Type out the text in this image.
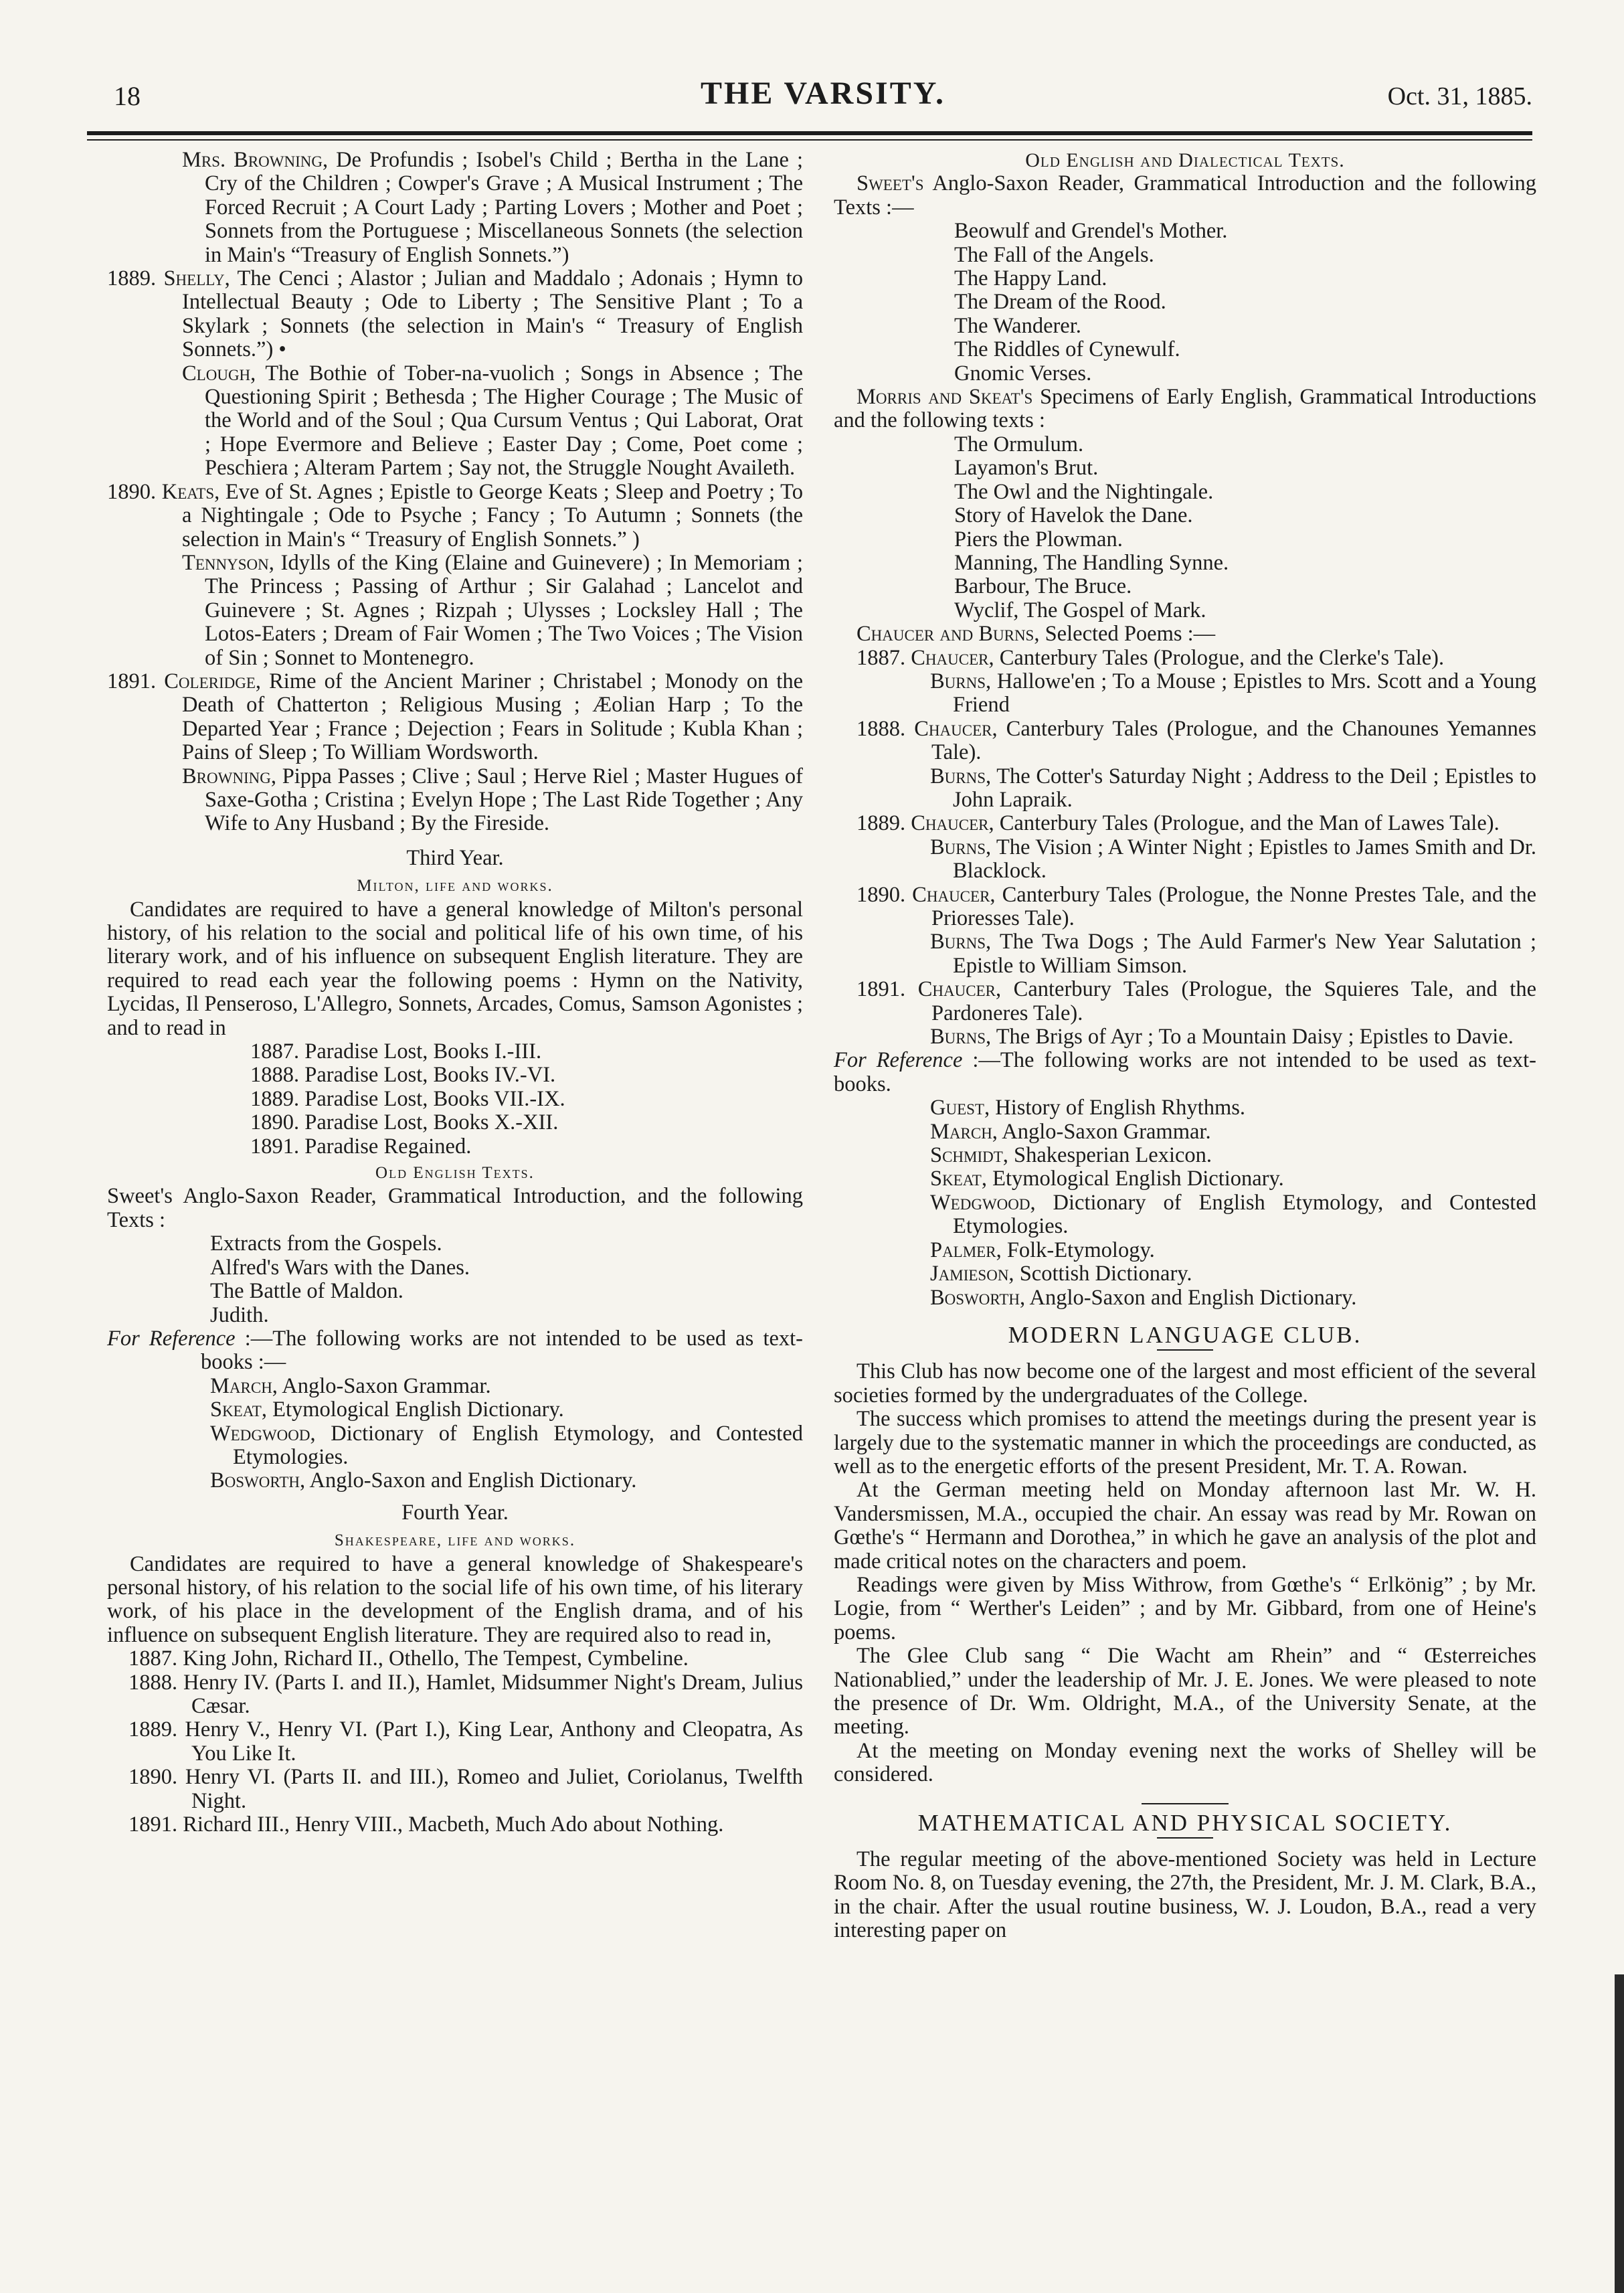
18	THE VARSITY.	Oct. 31, 1885.

Mrs. Browning, De Profundis ; Isobel's Child ; Bertha in the Lane ; Cry of the Children ; Cowper's Grave ; A Musical Instrument ; The Forced Recruit ; A Court Lady ; Parting Lovers ; Mother and Poet ; Sonnets from the Portuguese ; Miscellaneous Sonnets (the selection in Main's “Treasury of English Sonnets.”)

1889. Shelly, The Cenci ; Alastor ; Julian and Maddalo ; Adonais ; Hymn to Intellectual Beauty ; Ode to Liberty ; The Sensitive Plant ; To a Skylark ; Sonnets (the selection in Main's “ Treasury of English Sonnets.”) •

Clough, The Bothie of Tober-na-vuolich ; Songs in Absence ; The Questioning Spirit ; Bethesda ; The Higher Courage ; The Music of the World and of the Soul ; Qua Cursum Ventus ; Qui Laborat, Orat ; Hope Evermore and Believe ; Easter Day ; Come, Poet come ; Peschiera ; Alteram Partem ; Say not, the Struggle Nought Availeth.

1890. Keats, Eve of St. Agnes ; Epistle to George Keats ; Sleep and Poetry ; To a Nightingale ; Ode to Psyche ; Fancy ; To Autumn ; Sonnets (the selection in Main's “ Treasury of English Sonnets.” )

Tennyson, Idylls of the King (Elaine and Guinevere) ; In Memoriam ; The Princess ; Passing of Arthur ; Sir Galahad ; Lancelot and Guinevere ; St. Agnes ; Rizpah ; Ulysses ; Locksley Hall ; The Lotos-Eaters ; Dream of Fair Women ; The Two Voices ; The Vision of Sin ; Sonnet to Montenegro.

1891. Coleridge, Rime of the Ancient Mariner ; Christabel ; Monody on the Death of Chatterton ; Religious Musing ; Æolian Harp ; To the Departed Year ; France ; Dejection ; Fears in Solitude ; Kubla Khan ; Pains of Sleep ; To William Wordsworth.

Browning, Pippa Passes ; Clive ; Saul ; Herve Riel ; Master Hugues of Saxe-Gotha ; Cristina ; Evelyn Hope ; The Last Ride Together ; Any Wife to Any Husband ; By the Fireside.

Third Year.

Milton, life and works.

Candidates are required to have a general knowledge of Milton's personal history, of his relation to the social and political life of his own time, of his literary work, and of his influence on subsequent English literature. They are required to read each year the following poems : Hymn on the Nativity, Lycidas, Il Penseroso, L'Allegro, Sonnets, Arcades, Comus, Samson Agonistes ; and to read in

1887. Paradise Lost, Books I.-III.

1888. Paradise Lost, Books IV.-VI.

1889. Paradise Lost, Books VII.-IX.

1890. Paradise Lost, Books X.-XII.

1891. Paradise Regained.

Old English Texts.

Sweet's Anglo-Saxon Reader, Grammatical Introduction, and the following Texts :

Extracts from the Gospels.

Alfred's Wars with the Danes.

The Battle of Maldon.

Judith.

For Reference :—The following works are not intended to be used as text-books :—

March, Anglo-Saxon Grammar.

Skeat, Etymological English Dictionary.

Wedgwood, Dictionary of English Etymology, and Contested Etymologies.

Bosworth, Anglo-Saxon and English Dictionary.

Fourth Year.

Shakespeare, life and works.

Candidates are required to have a general knowledge of Shakespeare's personal history, of his relation to the social life of his own time, of his literary work, of his place in the development of the English drama, and of his influence on subsequent English literature. They are required also to read in,

1887. King John, Richard II., Othello, The Tempest, Cymbeline.

1888. Henry IV. (Parts I. and II.), Hamlet, Midsummer Night's Dream, Julius Cæsar.

1889. Henry V., Henry VI. (Part I.), King Lear, Anthony and Cleopatra, As You Like It.

1890. Henry VI. (Parts II. and III.), Romeo and Juliet, Coriolanus, Twelfth Night.

1891. Richard III., Henry VIII., Macbeth, Much Ado about Nothing.

Old English and Dialectical Texts.

Sweet's Anglo-Saxon Reader, Grammatical Introduction and the following Texts :—

Beowulf and Grendel's Mother.

The Fall of the Angels.

The Happy Land.

The Dream of the Rood.

The Wanderer.

The Riddles of Cynewulf.

Gnomic Verses.

Morris and Skeat's Specimens of Early English, Grammatical Introductions and the following texts :

The Ormulum.

Layamon's Brut.

The Owl and the Nightingale.

Story of Havelok the Dane.

Piers the Plowman.

Manning, The Handling Synne.

Barbour, The Bruce.

Wyclif, The Gospel of Mark.

Chaucer and Burns, Selected Poems :—

1887. Chaucer, Canterbury Tales (Prologue, and the Clerke's Tale).

Burns, Hallowe'en ; To a Mouse ; Epistles to Mrs. Scott and a Young Friend

1888. Chaucer, Canterbury Tales (Prologue, and the Chanounes Yemannes Tale).

Burns, The Cotter's Saturday Night ; Address to the Deil ; Epistles to John Lapraik.

1889. Chaucer, Canterbury Tales (Prologue, and the Man of Lawes Tale).

Burns, The Vision ; A Winter Night ; Epistles to James Smith and Dr. Blacklock.

1890. Chaucer, Canterbury Tales (Prologue, the Nonne Prestes Tale, and the Prioresses Tale).

Burns, The Twa Dogs ; The Auld Farmer's New Year Salutation ; Epistle to William Simson.

1891. Chaucer, Canterbury Tales (Prologue, the Squieres Tale, and the Pardoneres Tale).

Burns, The Brigs of Ayr ; To a Mountain Daisy ; Epistles to Davie.

For Reference :—The following works are not intended to be used as text-books.

Guest, History of English Rhythms.

March, Anglo-Saxon Grammar.

Schmidt, Shakesperian Lexicon.

Skeat, Etymological English Dictionary.

Wedgwood, Dictionary of English Etymology, and Contested Etymologies.

Palmer, Folk-Etymology.

Jamieson, Scottish Dictionary.

Bosworth, Anglo-Saxon and English Dictionary.

MODERN LANGUAGE CLUB.

This Club has now become one of the largest and most efficient of the several societies formed by the undergraduates of the College.

The success which promises to attend the meetings during the present year is largely due to the systematic manner in which the proceedings are conducted, as well as to the energetic efforts of the present President, Mr. T. A. Rowan.

At the German meeting held on Monday afternoon last Mr. W. H. Vandersmissen, M.A., occupied the chair. An essay was read by Mr. Rowan on Gœthe's “ Hermann and Dorothea,” in which he gave an analysis of the plot and made critical notes on the characters and poem.

Readings were given by Miss Withrow, from Gœthe's “ Erlkönig” ; by Mr. Logie, from “ Werther's Leiden” ; and by Mr. Gibbard, from one of Heine's poems.

The Glee Club sang “ Die Wacht am Rhein” and “ Œsterreiches Nationablied,” under the leadership of Mr. J. E. Jones. We were pleased to note the presence of Dr. Wm. Oldright, M.A., of the University Senate, at the meeting.

At the meeting on Monday evening next the works of Shelley will be considered.

MATHEMATICAL AND PHYSICAL SOCIETY.

The regular meeting of the above-mentioned Society was held in Lecture Room No. 8, on Tuesday evening, the 27th, the President, Mr. J. M. Clark, B.A., in the chair. After the usual routine business, W. J. Loudon, B.A., read a very interesting paper on
